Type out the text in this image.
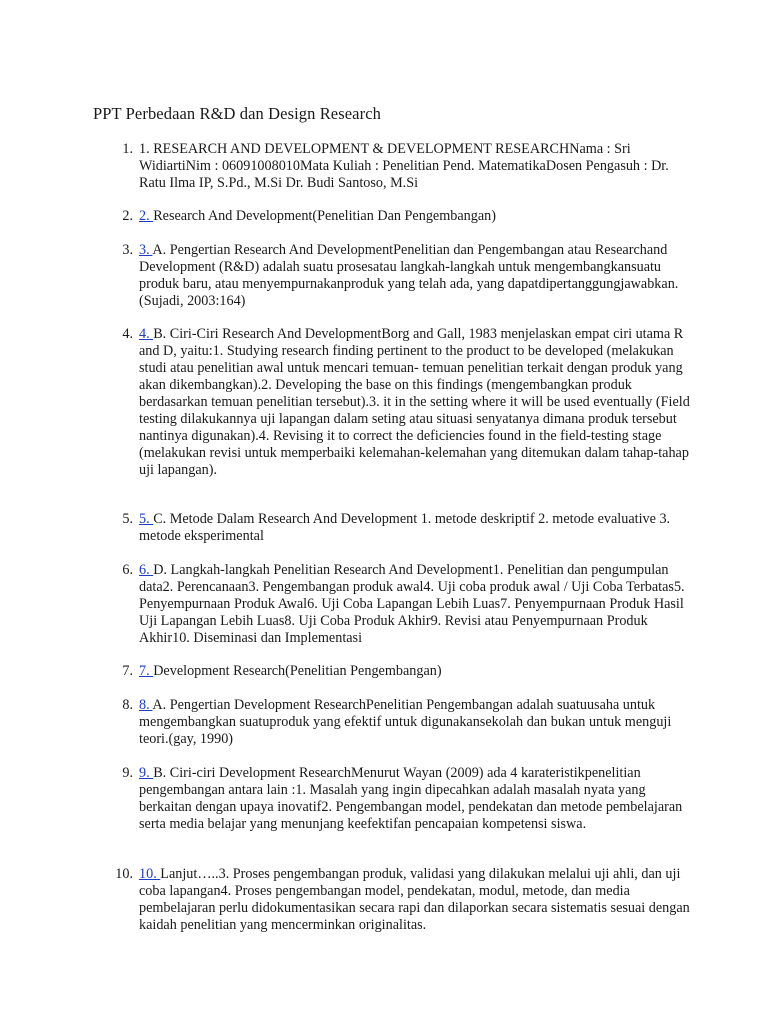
PPT Perbedaan R&D dan Design Research
1. 1. RESEARCH AND DEVELOPMENT & DEVELOPMENT RESEARCHNama : Sri WidiartiNim : 06091008010Mata Kuliah : Penelitian Pend. MatematikaDosen Pengasuh : Dr. Ratu Ilma IP, S.Pd., M.Si Dr. Budi Santoso, M.Si
2. 2. Research And Development(Penelitian Dan Pengembangan)
3. 3. A. Pengertian Research And DevelopmentPenelitian dan Pengembangan atau Researchand Development (R&D) adalah suatu prosesatau langkah-langkah untuk mengembangkansuatu produk baru, atau menyempurnakanproduk yang telah ada, yang dapatdipertanggungjawabkan. (Sujadi, 2003:164)
4. 4. B. Ciri-Ciri Research And DevelopmentBorg and Gall, 1983 menjelaskan empat ciri utama R and D, yaitu:1. Studying research finding pertinent to the product to be developed (melakukan studi atau penelitian awal untuk mencari temuan- temuan penelitian terkait dengan produk yang akan dikembangkan).2. Developing the base on this findings (mengembangkan produk berdasarkan temuan penelitian tersebut).3. it in the setting where it will be used eventually (Field testing dilakukannya uji lapangan dalam seting atau situasi senyatanya dimana produk tersebut nantinya digunakan).4. Revising it to correct the deficiencies found in the field-testing stage (melakukan revisi untuk memperbaiki kelemahan-kelemahan yang ditemukan dalam tahap-tahap uji lapangan).
5. 5. C. Metode Dalam Research And Development 1. metode deskriptif 2. metode evaluative 3. metode eksperimental
6. 6. D. Langkah-langkah Penelitian Research And Development1. Penelitian dan pengumpulan data2. Perencanaan3. Pengembangan produk awal4. Uji coba produk awal / Uji Coba Terbatas5. Penyempurnaan Produk Awal6. Uji Coba Lapangan Lebih Luas7. Penyempurnaan Produk Hasil Uji Lapangan Lebih Luas8. Uji Coba Produk Akhir9. Revisi atau Penyempurnaan Produk Akhir10. Diseminasi dan Implementasi
7. 7. Development Research(Penelitian Pengembangan)
8. 8. A. Pengertian Development ResearchPenelitian Pengembangan adalah suatuusaha untuk mengembangkan suatuproduk yang efektif untuk digunakansekolah dan bukan untuk menguji teori.(gay, 1990)
9. 9. B. Ciri-ciri Development ResearchMenurut Wayan (2009) ada 4 karateristikpenelitian pengembangan antara lain :1. Masalah yang ingin dipecahkan adalah masalah nyata yang berkaitan dengan upaya inovatif2. Pengembangan model, pendekatan dan metode pembelajaran serta media belajar yang menunjang keefektifan pencapaian kompetensi siswa.
10. 10. Lanjut…..3. Proses pengembangan produk, validasi yang dilakukan melalui uji ahli, dan uji coba lapangan4. Proses pengembangan model, pendekatan, modul, metode, dan media pembelajaran perlu didokumentasikan secara rapi dan dilaporkan secara sistematis sesuai dengan kaidah penelitian yang mencerminkan originalitas.
